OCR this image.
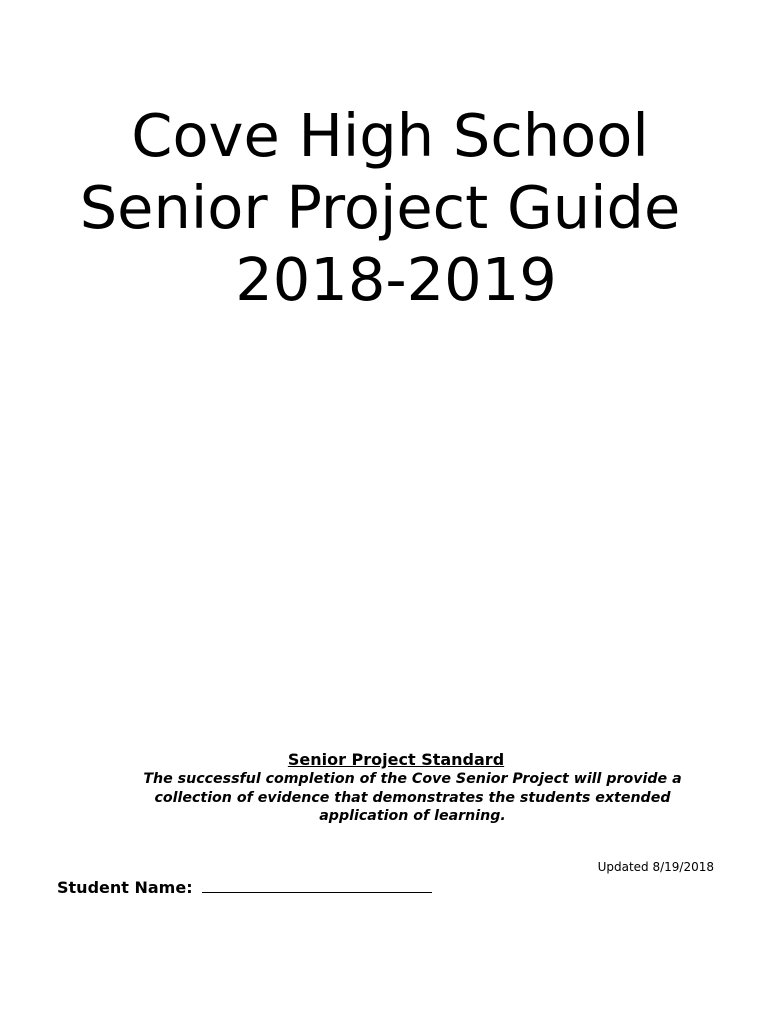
Cove High School
Senior Project Guide
2018-2019

Senior Project Standard

The successful completion of the Cove Senior Project will provide a collection of evidence that demonstrates the students extended application of learning.
Updated 8/19/2018
Student Name:
